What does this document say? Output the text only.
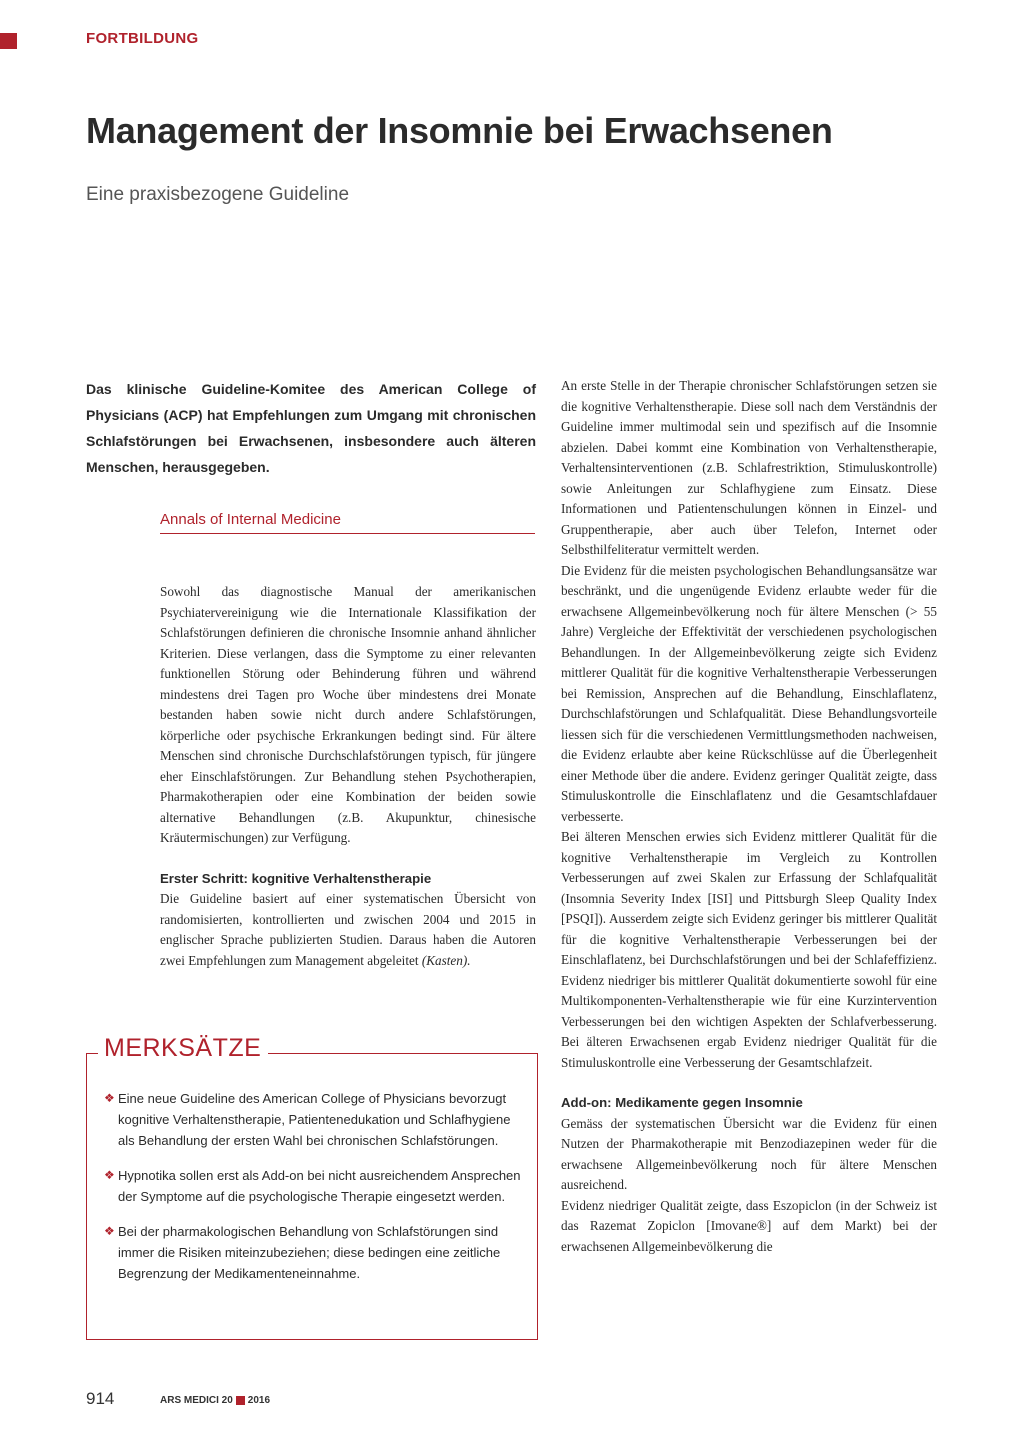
FORTBILDUNG
Management der Insomnie bei Erwachsenen
Eine praxisbezogene Guideline

Das klinische Guideline-Komitee des American College of Physicians (ACP) hat Empfehlungen zum Umgang mit chronischen Schlafstörungen bei Erwachsenen, insbesondere auch älteren Menschen, herausgegeben.

Annals of Internal Medicine

Sowohl das diagnostische Manual der amerikanischen Psychiatervereinigung wie die Internationale Klassifikation der Schlafstörungen definieren die chronische Insomnie anhand ähnlicher Kriterien. Diese verlangen, dass die Symptome zu einer relevanten funktionellen Störung oder Behinderung führen und während mindestens drei Tagen pro Woche über mindestens drei Monate bestanden haben sowie nicht durch andere Schlafstörungen, körperliche oder psychische Erkrankungen bedingt sind. Für ältere Menschen sind chronische Durchschlafstörungen typisch, für jüngere eher Einschlafstörungen. Zur Behandlung stehen Psychotherapien, Pharmakotherapien oder eine Kombination der beiden sowie alternative Behandlungen (z.B. Akupunktur, chinesische Kräutermischungen) zur Verfügung.

Erster Schritt: kognitive Verhaltenstherapie

Die Guideline basiert auf einer systematischen Übersicht von randomisierten, kontrollierten und zwischen 2004 und 2015 in englischer Sprache publizierten Studien. Daraus haben die Autoren zwei Empfehlungen zum Management abgeleitet (Kasten).

An erste Stelle in der Therapie chronischer Schlafstörungen setzen sie die kognitive Verhaltenstherapie. Diese soll nach dem Verständnis der Guideline immer multimodal sein und spezifisch auf die Insomnie abzielen. Dabei kommt eine Kombination von Verhaltenstherapie, Verhaltensinterventionen (z.B. Schlafrestriktion, Stimuluskontrolle) sowie Anleitungen zur Schlafhygiene zum Einsatz. Diese Informationen und Patientenschulungen können in Einzel- und Gruppentherapie, aber auch über Telefon, Internet oder Selbsthilfeliteratur vermittelt werden.

Die Evidenz für die meisten psychologischen Behandlungsansätze war beschränkt, und die ungenügende Evidenz erlaubte weder für die erwachsene Allgemeinbevölkerung noch für ältere Menschen (> 55 Jahre) Vergleiche der Effektivität der verschiedenen psychologischen Behandlungen. In der Allgemeinbevölkerung zeigte sich Evidenz mittlerer Qualität für die kognitive Verhaltenstherapie Verbesserungen bei Remission, Ansprechen auf die Behandlung, Einschlaflatenz, Durchschlafstörungen und Schlafqualität. Diese Behandlungsvorteile liessen sich für die verschiedenen Vermittlungsmethoden nachweisen, die Evidenz erlaubte aber keine Rückschlüsse auf die Überlegenheit einer Methode über die andere. Evidenz geringer Qualität zeigte, dass Stimuluskontrolle die Einschlaflatenz und die Gesamtschlafdauer verbesserte.

Bei älteren Menschen erwies sich Evidenz mittlerer Qualität für die kognitive Verhaltenstherapie im Vergleich zu Kontrollen Verbesserungen auf zwei Skalen zur Erfassung der Schlafqualität (Insomnia Severity Index [ISI] und Pittsburgh Sleep Quality Index [PSQI]). Ausserdem zeigte sich Evidenz geringer bis mittlerer Qualität für die kognitive Verhaltenstherapie Verbesserungen bei der Einschlaflatenz, bei Durchschlafstörungen und bei der Schlafeffizienz. Evidenz niedriger bis mittlerer Qualität dokumentierte sowohl für eine Multikomponenten-Verhaltenstherapie wie für eine Kurzintervention Verbesserungen bei den wichtigen Aspekten der Schlafverbesserung. Bei älteren Erwachsenen ergab Evidenz niedriger Qualität für die Stimuluskontrolle eine Verbesserung der Gesamtschlafzeit.

Add-on: Medikamente gegen Insomnie

Gemäss der systematischen Übersicht war die Evidenz für einen Nutzen der Pharmakotherapie mit Benzodiazepinen weder für die erwachsene Allgemeinbevölkerung noch für ältere Menschen ausreichend.

Evidenz niedriger Qualität zeigte, dass Eszopiclon (in der Schweiz ist das Razemat Zopiclon [Imovane®] auf dem Markt) bei der erwachsenen Allgemeinbevölkerung die

MERKSÄTZE
❖ Eine neue Guideline des American College of Physicians bevorzugt kognitive Verhaltenstherapie, Patientenedukation und Schlafhygiene als Behandlung der ersten Wahl bei chronischen Schlafstörungen.
❖ Hypnotika sollen erst als Add-on bei nicht ausreichendem Ansprechen der Symptome auf die psychologische Therapie eingesetzt werden.
❖ Bei der pharmakologischen Behandlung von Schlafstörungen sind immer die Risiken miteinzubeziehen; diese bedingen eine zeitliche Begrenzung der Medikamenteneinnahme.
914	ARS MEDICI 20 2016
